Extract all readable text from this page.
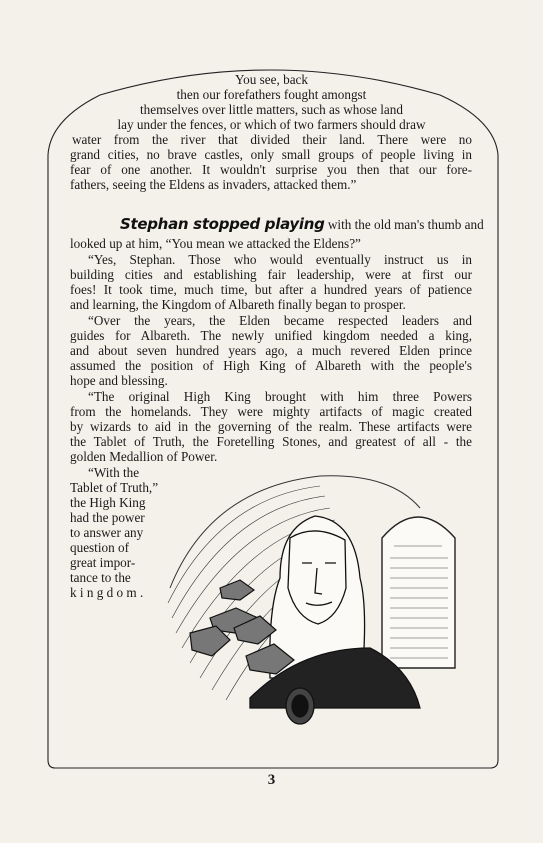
You see, back
then our forefathers fought amongst
themselves over little matters, such as whose land
lay under the fences, or which of two farmers should draw
water from the river that divided their land. There were no
grand cities, no brave castles, only small groups of people living in
fear of one another. It wouldn't surprise you then that our fore-
fathers, seeing the Eldens as invaders, attacked them.”
Stephan stopped playing with the old man's thumb and
looked up at him, “You mean we attacked the Eldens?”
“Yes, Stephan. Those who would eventually instruct us in
building cities and establishing fair leadership, were at first our
foes! It took time, much time, but after a hundred years of patience
and learning, the Kingdom of Albareth finally began to prosper.
“Over the years, the Elden became respected leaders and
guides for Albareth. The newly unified kingdom needed a king,
and about seven hundred years ago, a much revered Elden prince
assumed the position of High King of Albareth with the people's
hope and blessing.
“The original High King brought with him three Powers
from the homelands. They were mighty artifacts of magic created
by wizards to aid in the governing of the realm. These artifacts were
the Tablet of Truth, the Foretelling Stones, and greatest of all - the
golden Medallion of Power.
“With the
Tablet of Truth,”
the High King
had the power
to answer any
question of
great impor-
tance to the
k i n g d o m .
3
